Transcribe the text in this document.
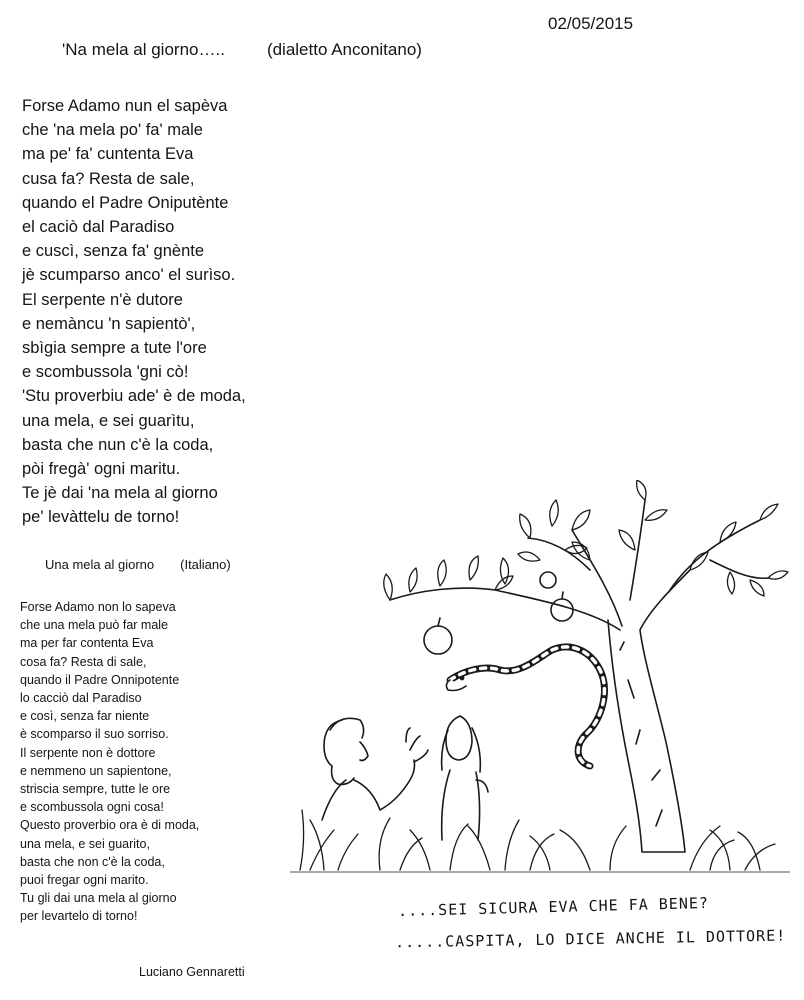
02/05/2015
'Na mela al giorno….. (dialetto Anconitano)
Forse Adamo nun el sapèva
che 'na mela po' fa' male
ma pe' fa' cuntenta Eva
cusa fa? Resta de sale,
quando el Padre Oniputènte
el caciò dal Paradiso
e cuscì, senza fa' gnènte
jè scumparso anco' el surìso.
El serpente n'è dutore
e nemàncu 'n sapientò',
sbìgia sempre a tute l'ore
e scombussola 'gni cò!
'Stu proverbiu ade' è de moda,
una mela, e sei guarìtu,
basta che nun c'è la coda,
pòi fregà' ogni maritu.
Te jè dai 'na mela al giorno
pe' levàttelu de torno!
Una mela al giorno (Italiano)
Forse Adamo non lo sapeva
che una mela può far male
ma per far contenta Eva
cosa fa? Resta di sale,
quando il Padre Onnipotente
lo cacciò dal Paradiso
e così, senza far niente
è scomparso il suo sorriso.
Il serpente non è dottore
e nemmeno un sapientone,
striscia sempre, tutte le ore
e scombussola ogni cosa!
Questo proverbio ora è di moda,
una mela, e sei guarito,
basta che non c'è la coda,
puoi fregar ogni marito.
Tu gli dai una mela al giorno
per levartelo di torno!
Luciano Gennaretti
....SEI SICURA EVA CHE FA BENE?
.....CASPITA, LO DICE ANCHE IL DOTTORE!
